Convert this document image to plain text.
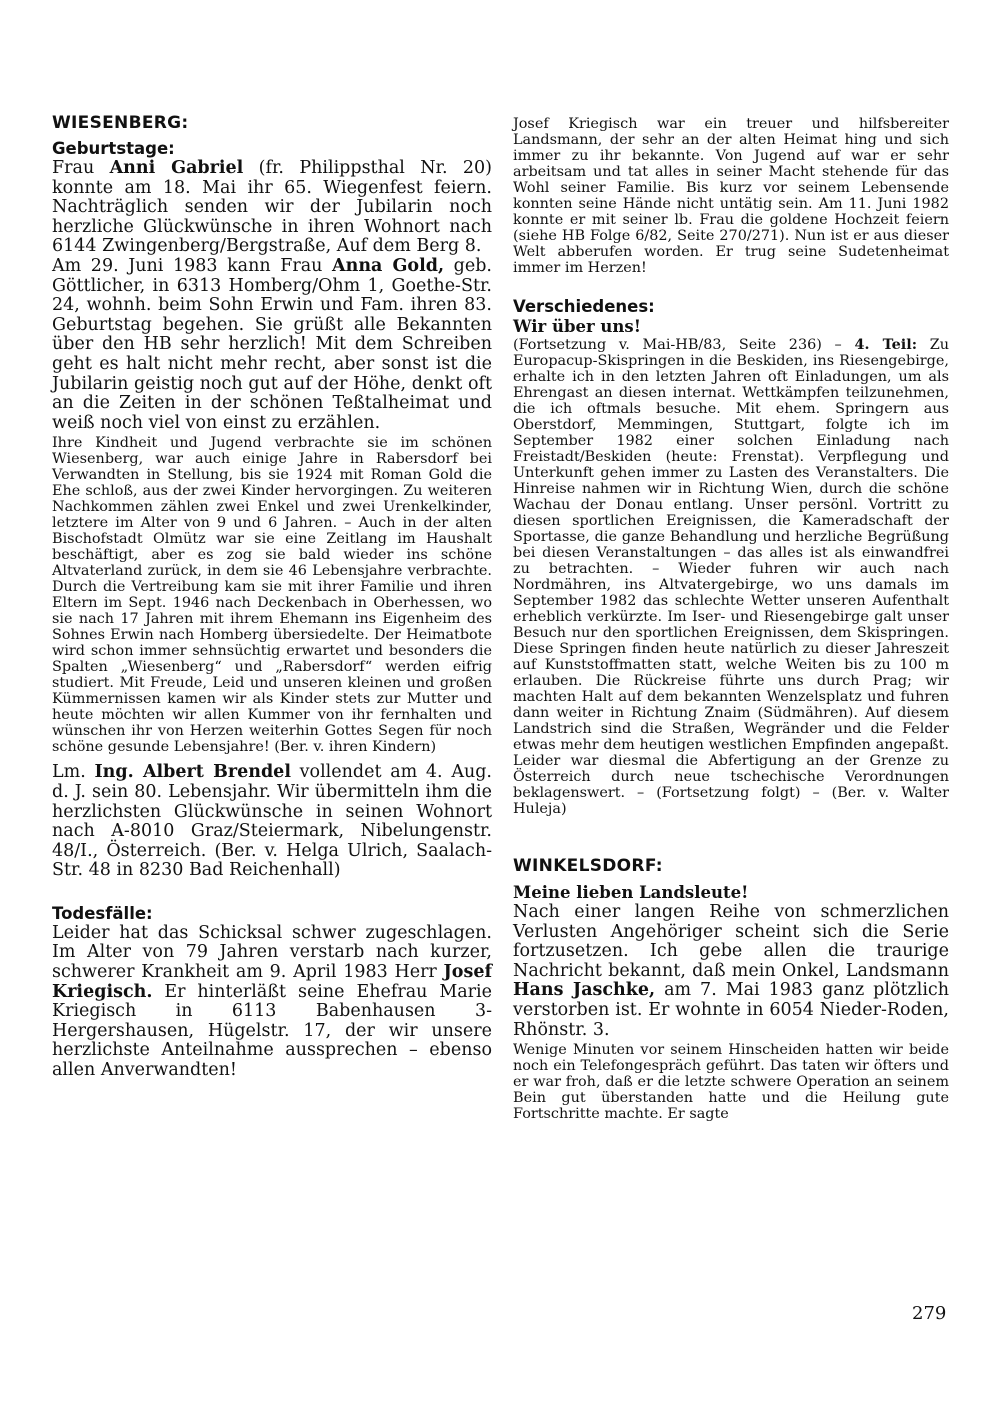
WIESENBERG:
Geburtstage:

Frau Anni Gabriel (fr. Philippsthal Nr. 20) konnte am 18. Mai ihr 65. Wiegenfest feiern. Nachträglich senden wir der Jubilarin noch herzliche Glückwünsche in ihren Wohnort nach 6144 Zwingenberg/Bergstraße, Auf dem Berg 8.

Am 29. Juni 1983 kann Frau Anna Gold, geb. Göttlicher, in 6313 Homberg/Ohm 1, Goethe-Str. 24, wohnh. beim Sohn Erwin und Fam. ihren 83. Geburtstag begehen. Sie grüßt alle Bekannten über den HB sehr herzlich! Mit dem Schreiben geht es halt nicht mehr recht, aber sonst ist die Jubilarin geistig noch gut auf der Höhe, denkt oft an die Zeiten in der schönen Teßtalheimat und weiß noch viel von einst zu erzählen.

Ihre Kindheit und Jugend verbrachte sie im schönen Wiesenberg, war auch einige Jahre in Rabersdorf bei Verwandten in Stellung, bis sie 1924 mit Roman Gold die Ehe schloß, aus der zwei Kinder hervorgingen. Zu weiteren Nachkommen zählen zwei Enkel und zwei Urenkelkinder, letztere im Alter von 9 und 6 Jahren. – Auch in der alten Bischofstadt Olmütz war sie eine Zeitlang im Haushalt beschäftigt, aber es zog sie bald wieder ins schöne Altvaterland zurück, in dem sie 46 Lebensjahre verbrachte. Durch die Vertreibung kam sie mit ihrer Familie und ihren Eltern im Sept. 1946 nach Deckenbach in Oberhessen, wo sie nach 17 Jahren mit ihrem Ehemann ins Eigenheim des Sohnes Erwin nach Homberg übersiedelte. Der Heimatbote wird schon immer sehnsüchtig erwartet und besonders die Spalten „Wiesenberg“ und „Rabersdorf“ werden eifrig studiert. Mit Freude, Leid und unseren kleinen und großen Kümmernissen kamen wir als Kinder stets zur Mutter und heute möchten wir allen Kummer von ihr fernhalten und wünschen ihr von Herzen weiterhin Gottes Segen für noch schöne gesunde Lebensjahre! (Ber. v. ihren Kindern)

Lm. Ing. Albert Brendel vollendet am 4. Aug. d. J. sein 80. Lebensjahr. Wir übermitteln ihm die herzlichsten Glückwünsche in seinen Wohnort nach A-8010 Graz/Steiermark, Nibelungenstr. 48/I., Österreich. (Ber. v. Helga Ulrich, Saalach-Str. 48 in 8230 Bad Reichenhall)

Todesfälle:

Leider hat das Schicksal schwer zugeschlagen. Im Alter von 79 Jahren verstarb nach kurzer, schwerer Krankheit am 9. April 1983 Herr Josef Kriegisch. Er hinterläßt seine Ehefrau Marie Kriegisch in 6113 Babenhausen 3-Hergershausen, Hügelstr. 17, der wir unsere herzlichste Anteilnahme aussprechen – ebenso allen Anverwandten!

Josef Kriegisch war ein treuer und hilfsbereiter Landsmann, der sehr an der alten Heimat hing und sich immer zu ihr bekannte. Von Jugend auf war er sehr arbeitsam und tat alles in seiner Macht stehende für das Wohl seiner Familie. Bis kurz vor seinem Lebensende konnten seine Hände nicht untätig sein. Am 11. Juni 1982 konnte er mit seiner lb. Frau die goldene Hochzeit feiern (siehe HB Folge 6/82, Seite 270/271). Nun ist er aus dieser Welt abberufen worden. Er trug seine Sudetenheimat immer im Herzen!

Verschiedenes:
Wir über uns!

(Fortsetzung v. Mai-HB/83, Seite 236) – 4. Teil: Zu Europacup-Skispringen in die Beskiden, ins Riesengebirge, erhalte ich in den letzten Jahren oft Einladungen, um als Ehrengast an diesen internat. Wettkämpfen teilzunehmen, die ich oftmals besuche. Mit ehem. Springern aus Oberstdorf, Memmingen, Stuttgart, folgte ich im September 1982 einer solchen Einladung nach Freistadt/Beskiden (heute: Frenstat). Verpflegung und Unterkunft gehen immer zu Lasten des Veranstalters. Die Hinreise nahmen wir in Richtung Wien, durch die schöne Wachau der Donau entlang. Unser persönl. Vortritt zu diesen sportlichen Ereignissen, die Kameradschaft der Sportasse, die ganze Behandlung und herzliche Begrüßung bei diesen Veranstaltungen – das alles ist als einwandfrei zu betrachten. – Wieder fuhren wir auch nach Nordmähren, ins Altvatergebirge, wo uns damals im September 1982 das schlechte Wetter unseren Aufenthalt erheblich verkürzte. Im Iser- und Riesengebirge galt unser Besuch nur den sportlichen Ereignissen, dem Skispringen. Diese Springen finden heute natürlich zu dieser Jahreszeit auf Kunststoffmatten statt, welche Weiten bis zu 100 m erlauben. Die Rückreise führte uns durch Prag; wir machten Halt auf dem bekannten Wenzelsplatz und fuhren dann weiter in Richtung Znaim (Südmähren). Auf diesem Landstrich sind die Straßen, Wegränder und die Felder etwas mehr dem heutigen westlichen Empfinden angepaßt. Leider war diesmal die Abfertigung an der Grenze zu Österreich durch neue tschechische Verordnungen beklagenswert. – (Fortsetzung folgt) – (Ber. v. Walter Huleja)

WINKELSDORF:
Meine lieben Landsleute!

Nach einer langen Reihe von schmerzlichen Verlusten Angehöriger scheint sich die Serie fortzusetzen. Ich gebe allen die traurige Nachricht bekannt, daß mein Onkel, Landsmann Hans Jaschke, am 7. Mai 1983 ganz plötzlich verstorben ist. Er wohnte in 6054 Nieder-Roden, Rhönstr. 3.

Wenige Minuten vor seinem Hinscheiden hatten wir beide noch ein Telefongespräch geführt. Das taten wir öfters und er war froh, daß er die letzte schwere Operation an seinem Bein gut überstanden hatte und die Heilung gute Fortschritte machte. Er sagte

279
